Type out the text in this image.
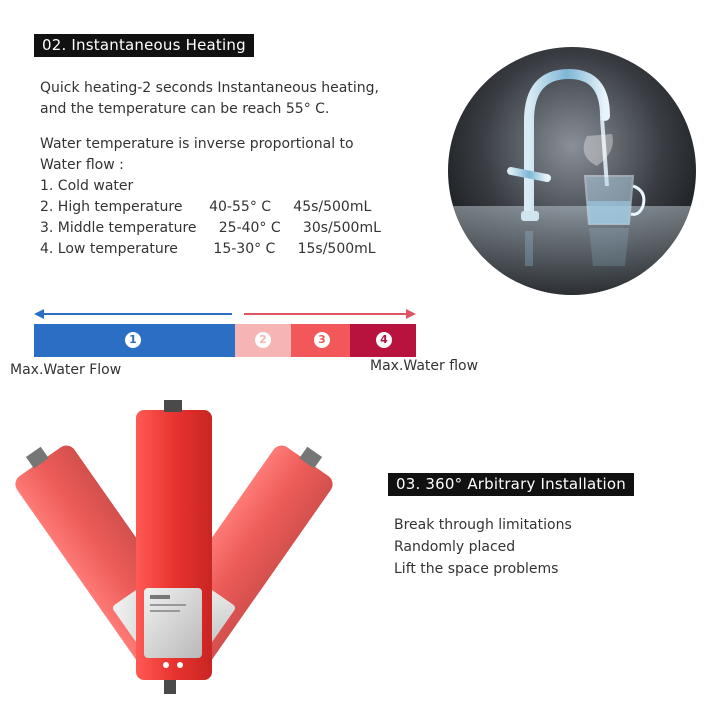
02. Instantaneous Heating
Quick heating-2 seconds Instantaneous heating,
and the temperature can be reach 55° C.
Water temperature is inverse proportional to
Water flow :
1. Cold water
2. High temperature      40-55° C     45s/500mL
3. Middle temperature     25-40° C     30s/500mL
4. Low temperature        15-30° C     15s/500mL
1	2	3	4
Max.Water Flow	Max.Water flow
03. 360° Arbitrary Installation
Break through limitations
Randomly placed
Lift the space problems
